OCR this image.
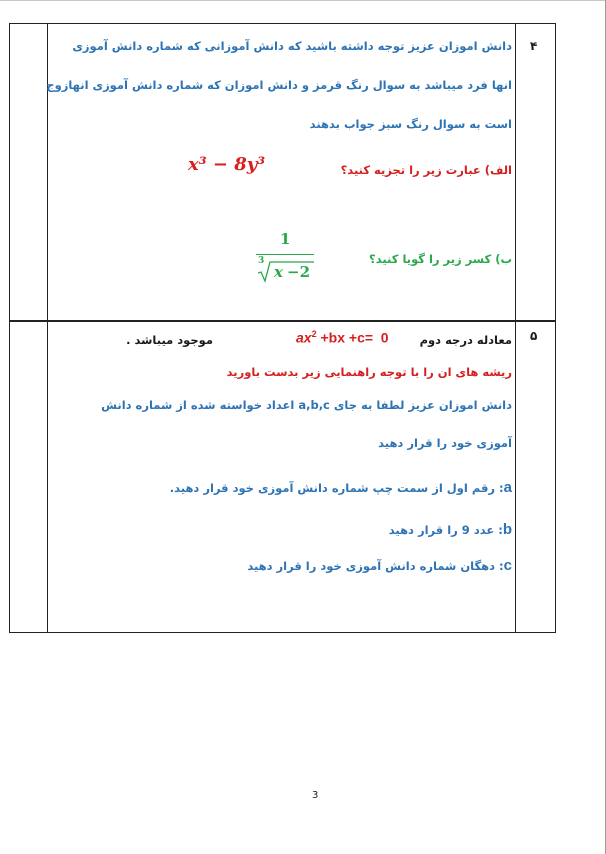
۴
دانش اموزان عزیز توجه داشته باشید که دانش آموزانی که شماره دانش آموزی
انها فرد میباشد به سوال رنگ قرمز و دانش اموزان که شماره دانش آموزی انهازوج
است به سوال رنگ سبز جواب بدهند
الف) عبارت زیر را تجزیه کنید؟
x³ − 8y³
ب) کسر زیر را گویا کنید؟
1
3
x −2
۵
معادله درجه دوم
$ax^2 +bx +c= 0$
موجود میباشد .
ریشه های ان را با توجه راهنمایی زیر بدست باورید
دانش اموزان عزیز لطفا به جای a,b,c اعداد خواسته شده از شماره دانش
آموزی خود را قرار دهید
a: رقم اول از سمت چپ شماره دانش آموزی خود قرار دهید.
b: عدد 9 را قرار دهید
c: دهگان شماره دانش آموزی خود را قرار دهید
3
